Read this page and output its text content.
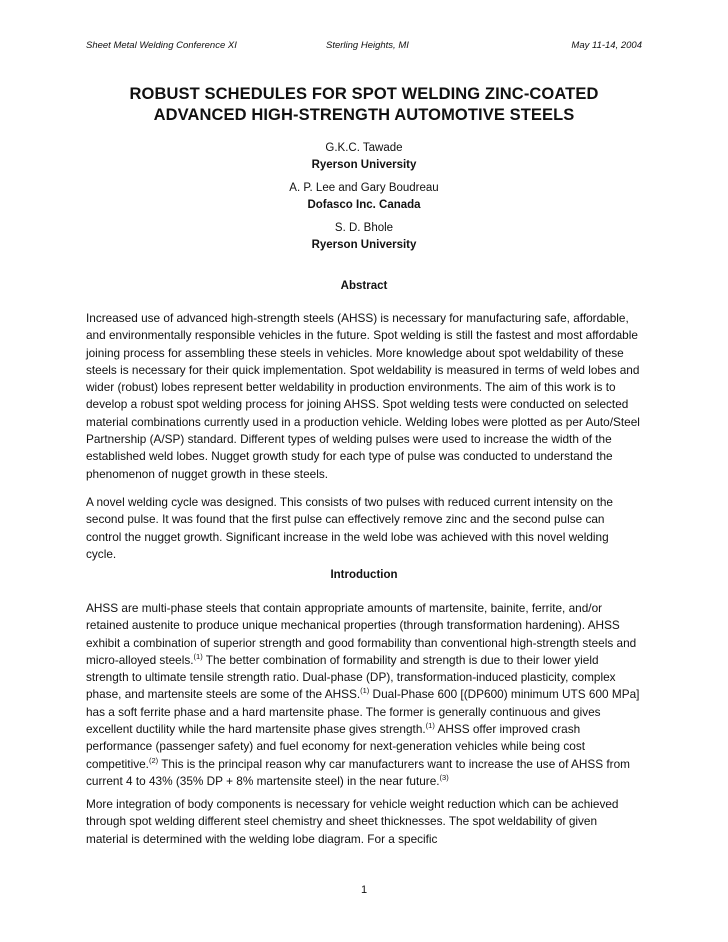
Sheet Metal Welding Conference XI	Sterling Heights, MI	May 11-14, 2004
ROBUST SCHEDULES FOR SPOT WELDING ZINC-COATED
ADVANCED HIGH-STRENGTH AUTOMOTIVE STEELS
G.K.C. Tawade
Ryerson University
A. P. Lee and Gary Boudreau
Dofasco Inc. Canada
S. D. Bhole
Ryerson University
Abstract

Increased use of advanced high-strength steels (AHSS) is necessary for manufacturing safe, affordable, and environmentally responsible vehicles in the future. Spot welding is still the fastest and most affordable joining process for assembling these steels in vehicles. More knowledge about spot weldability of these steels is necessary for their quick implementation. Spot weldability is measured in terms of weld lobes and wider (robust) lobes represent better weldability in production environments. The aim of this work is to develop a robust spot welding process for joining AHSS. Spot welding tests were conducted on selected material combinations currently used in a production vehicle. Welding lobes were plotted as per Auto/Steel Partnership (A/SP) standard. Different types of welding pulses were used to increase the width of the established weld lobes. Nugget growth study for each type of pulse was conducted to understand the phenomenon of nugget growth in these steels.

A novel welding cycle was designed. This consists of two pulses with reduced current intensity on the second pulse. It was found that the first pulse can effectively remove zinc and the second pulse can control the nugget growth. Significant increase in the weld lobe was achieved with this novel welding cycle.

Introduction

AHSS are multi-phase steels that contain appropriate amounts of martensite, bainite, ferrite, and/or retained austenite to produce unique mechanical properties (through transformation hardening). AHSS exhibit a combination of superior strength and good formability than conventional high-strength steels and micro-alloyed steels.$^{(1)}$ The better combination of formability and strength is due to their lower yield strength to ultimate tensile strength ratio. Dual-phase (DP), transformation-induced plasticity, complex phase, and martensite steels are some of the AHSS.$^{(1)}$ Dual-Phase 600 [(DP600) minimum UTS 600 MPa] has a soft ferrite phase and a hard martensite phase. The former is generally continuous and gives excellent ductility while the hard martensite phase gives strength.$^{(1)}$ AHSS offer improved crash performance (passenger safety) and fuel economy for next-generation vehicles while being cost competitive.$^{(2)}$ This is the principal reason why car manufacturers want to increase the use of AHSS from current 4 to 43% (35% DP + 8% martensite steel) in the near future.$^{(3)}$

More integration of body components is necessary for vehicle weight reduction which can be achieved through spot welding different steel chemistry and sheet thicknesses. The spot weldability of given material is determined with the welding lobe diagram. For a specific

1
